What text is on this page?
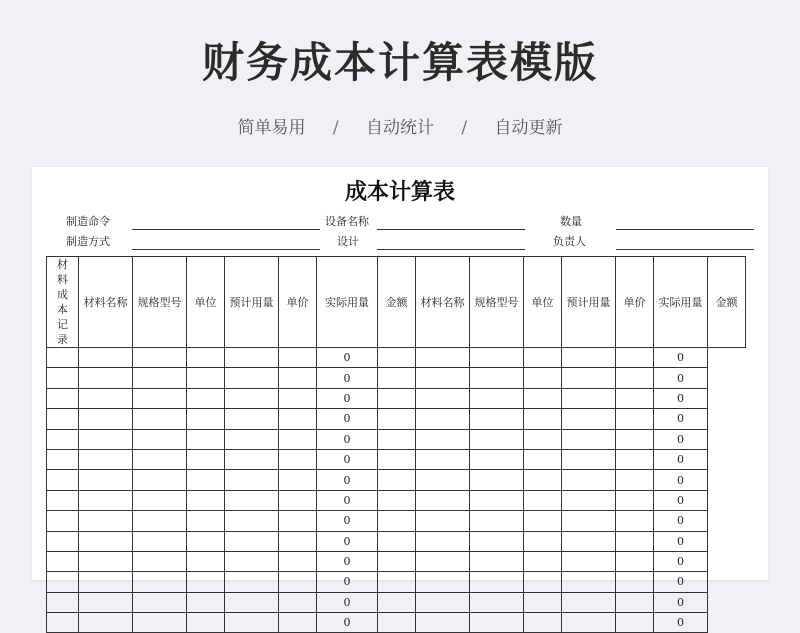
财务成本计算表模版
简单易用 / 自动统计 / 自动更新
成本计算表
制造命令	设备名称	数量
制造方式	设计	负责人
材料成本记录	材料名称	规格型号	单位	预计用量	单价	实际用量	金额	材料名称	规格型号	单位	预计用量	单价	实际用量	金额
						0							0	
						0							0	
						0							0	
						0							0	
						0							0	
						0							0	
						0							0	
						0							0	
						0							0	
						0							0	
						0							0	
						0							0	
						0							0	
						0							0	
